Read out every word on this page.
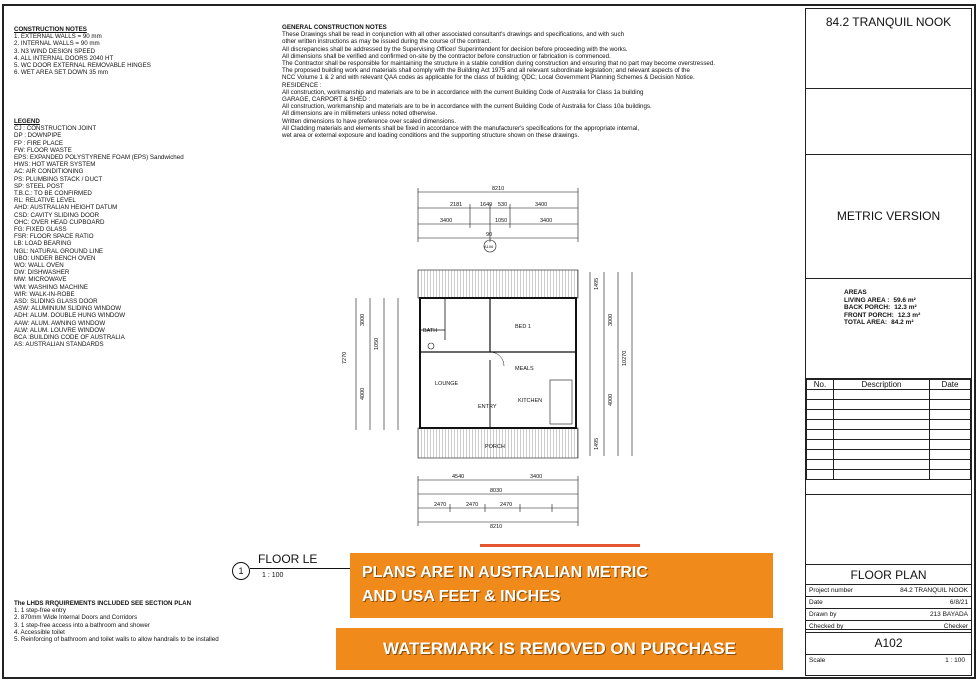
CONSTRUCTION NOTES
1. EXTERNAL WALLS = 90 mm
2. INTERNAL WALLS = 90 mm
3. N3 WIND DESIGN SPEED
4. ALL INTERNAL DOORS 2040 HT
5. WC DOOR EXTERNAL REMOVABLE HINGES
6. WET AREA SET DOWN 35 mm
LEGEND
CJ : CONSTRUCTION JOINT
DP : DOWNPIPE
FP : FIRE PLACE
FW: FLOOR WASTE
EPS: EXPANDED POLYSTYRENE FOAM (EPS) Sandwiched
HWS: HOT WATER SYSTEM
AC: AIR CONDITIONING
PS: PLUMBING STACK / DUCT
SP: STEEL POST
T.B.C.: TO BE CONFIRMED
RL: RELATIVE LEVEL
AHD: AUSTRALIAN HEIGHT DATUM
CSD: CAVITY SLIDING DOOR
OHC: OVER HEAD CUPBOARD
FG: FIXED GLASS
FSR: FLOOR SPACE RATIO
LB: LOAD BEARING
NGL: NATURAL GROUND LINE
UBO: UNDER BENCH OVEN
WO: WALL OVEN
DW: DISHWASHER
MW: MICROWAVE
WM: WASHING MACHINE
WIR: WALK-IN-ROBE
ASD: SLIDING GLASS DOOR
ASW: ALUMINIUM SLIDING WINDOW
ADH: ALUM. DOUBLE HUNG WINDOW
AAW: ALUM. AWNING WINDOW
ALW: ALUM. LOUVRE WINDOW
BCA :BUILDING CODE OF AUSTRALIA
AS: AUSTRALIAN STANDARDS
The LHDS RRQUIREMENTS INCLUDED SEE SECTION PLAN
1. 1 step-free entry
2. 870mm Wide Internal Doors and Corridors
3. 1 step-free access into a bathroom and shower
4. Accessible toilet
5. Reinforcing of bathroom and toilet walls to allow handrails to be installed
GENERAL CONSTRUCTION NOTES
These Drawings shall be read in conjunction with all other associated consultant's drawings and specifications, and with such
other written instructions as may be issued during the course of the contract.
All discrepancies shall be addressed by the Supervising Officer/ Superintendent for decision before proceeding with the works.
All dimensions shall be verified and confirmed on-site by the contractor before construction or fabrication is commenced.
The Contractor shall be responsible for maintaining the structure in a stable condition during construction and ensuring that no part may become overstressed.
The proposed building work and materials shall comply with the Building Act 1975 and all relevant subordinate legislation; and relevant aspects of the
NCC Volume 1 & 2 and with relevant QAA codes as applicable for the class of building; QDC; Local Government Planning Schemes & Decision Notice.
RESIDENCE :
All construction, workmanship and materials are to be in accordance with the current Building Code of Australia for Class 1a building
GARAGE, CARPORT & SHED :
All construction, workmanship and materials are to be in accordance with the current Building Code of Australia for Class 10a buildings.
All dimensions are in millimeters unless noted otherwise.
Written dimensions to have preference over scaled dimensions.
All Cladding materials and elements shall be fixed in accordance with the manufacturer's specifications for the appropriate internal,
wet area or external exposure and loading conditions and the supporting structure shown on these drawings.
8210
2181	1649 530	3400
3400	1050	3400
90
A106
4540	3400
8030
2470	2470	2470
8210
7270
3000
1050
4000
3000
10270
4000
1495
1495
BATH
BED 1
LOUNGE
MEALS
ENTRY
KITCHEN
PORCH
1
FLOOR LE
1 : 100	PLANS ARE IN AUSTRALIAN METRIC
AND USA FEET & INCHES
WATERMARK IS REMOVED ON PURCHASE
84.2 TRANQUIL NOOK
METRIC VERSION
AREAS
LIVING AREA : 59.6 m²
BACK PORCH: 12.3 m²
FRONT PORCH: 12.3 m²
TOTAL AREA: 84.2 m²
No.	Description	Date

FLOOR PLAN
Project number	84.2 TRANQUIL NOOK
Date	6/8/21
Drawn by	213 BAYADA
Checked by	Checker
A102
Scale	1 : 100
